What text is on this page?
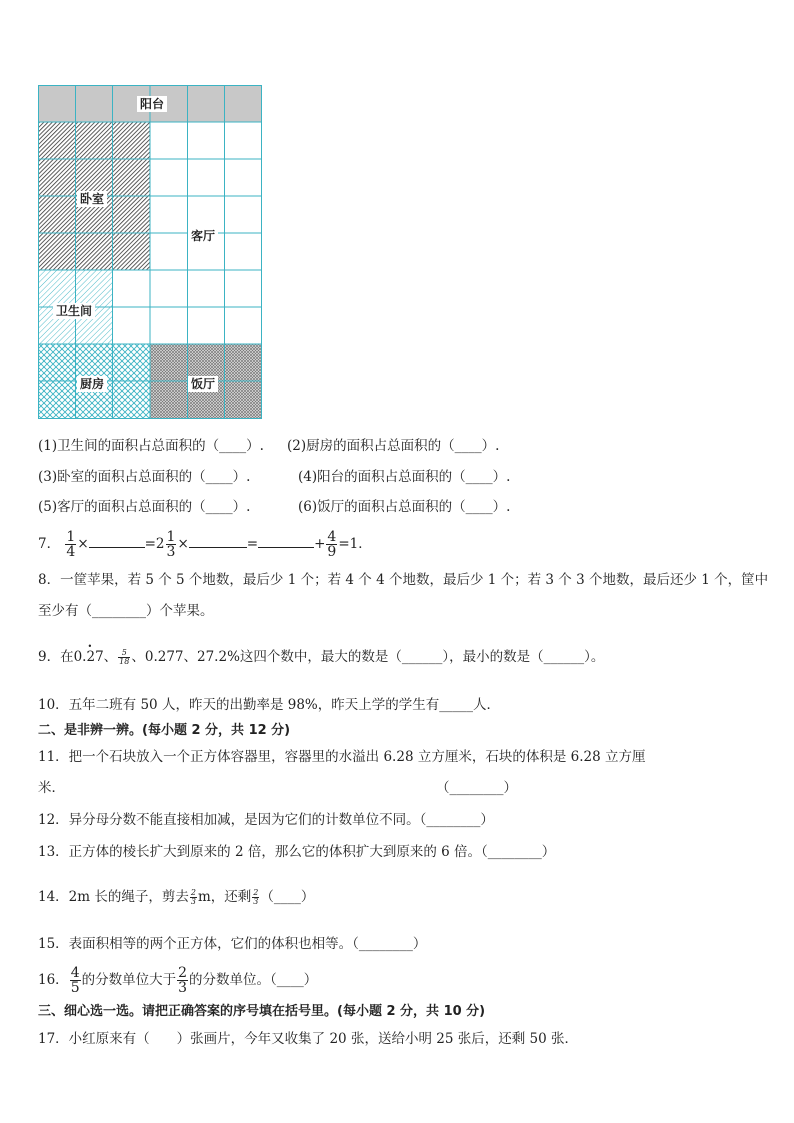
阳台
卧室
客厅
卫生间
厨房	饭厅
(1)卫生间的面积占总面积的（____）. (2)厨房的面积占总面积的（____）.
(3)卧室的面积占总面积的（____）.	(4)阳台的面积占总面积的（____）.
(5)客厅的面积占总面积的（____）.	(6)饭厅的面积占总面积的（____）.
7． $\frac{1}{4}$ ×	$=2 \frac{1}{3}$ ×	=	+ $\frac{4}{9} =1$．
8．一筐苹果，若 5 个 5 个地数，最后少 1 个；若 4 个 4 个地数，最后少 1 个；若 3 个 3 个地数，最后还少 1 个，筐中
至少有（________）个苹果。
9．在0.• 27、 $\frac{5}{18}$ 、0.277、27.2%这四个数中，最大的数是（______），最小的数是（______）。
10．五年二班有 50 人，昨天的出勤率是 98%，昨天上学的学生有_____人．
二、是非辨一辨。(每小题 2 分，共 12 分)
11．把一个石块放入一个正方体容器里，容器里的水溢出 6.28 立方厘米，石块的体积是 6.28 立方厘
米．	（________）
12．异分母分数不能直接相加减，是因为它们的计数单位不同。（________）
13．正方体的棱长扩大到原来的 2 倍，那么它的体积扩大到原来的 6 倍。（________）
14．2m 长的绳子，剪去 $\frac{2}{3}$ m，还剩 $\frac{2}{3}$ （____）
15．表面积相等的两个正方体，它们的体积也相等。（________）
16． $\frac{4}{5}$ 的分数单位大于 $\frac{2}{3}$ 的分数单位。（____）
三、细心选一选。请把正确答案的序号填在括号里。(每小题 2 分，共 10 分)
17．小红原来有（　　）张画片，今年又收集了 20 张，送给小明 25 张后，还剩 50 张．
